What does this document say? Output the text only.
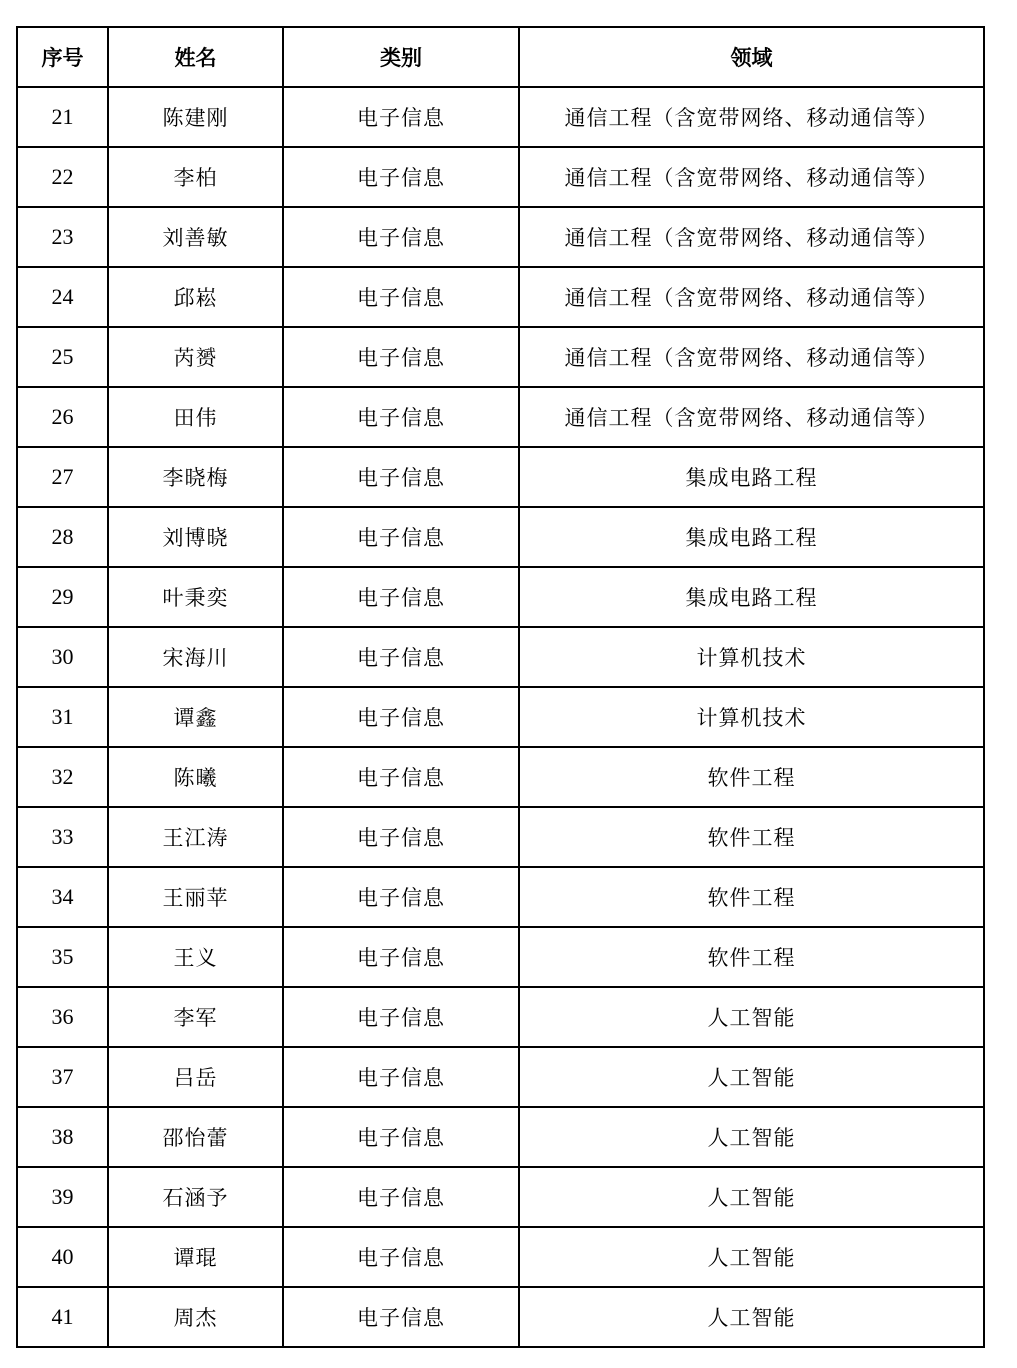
序号	姓名	类别	领域
21	陈建刚	电子信息	通信工程（含宽带网络、移动通信等）
22	李柏	电子信息	通信工程（含宽带网络、移动通信等）
23	刘善敏	电子信息	通信工程（含宽带网络、移动通信等）
24	邱崧	电子信息	通信工程（含宽带网络、移动通信等）
25	芮赟	电子信息	通信工程（含宽带网络、移动通信等）
26	田伟	电子信息	通信工程（含宽带网络、移动通信等）
27	李晓梅	电子信息	集成电路工程
28	刘博晓	电子信息	集成电路工程
29	叶秉奕	电子信息	集成电路工程
30	宋海川	电子信息	计算机技术
31	谭鑫	电子信息	计算机技术
32	陈曦	电子信息	软件工程
33	王江涛	电子信息	软件工程
34	王丽苹	电子信息	软件工程
35	王义	电子信息	软件工程
36	李军	电子信息	人工智能
37	吕岳	电子信息	人工智能
38	邵怡蕾	电子信息	人工智能
39	石涵予	电子信息	人工智能
40	谭琨	电子信息	人工智能
41	周杰	电子信息	人工智能
